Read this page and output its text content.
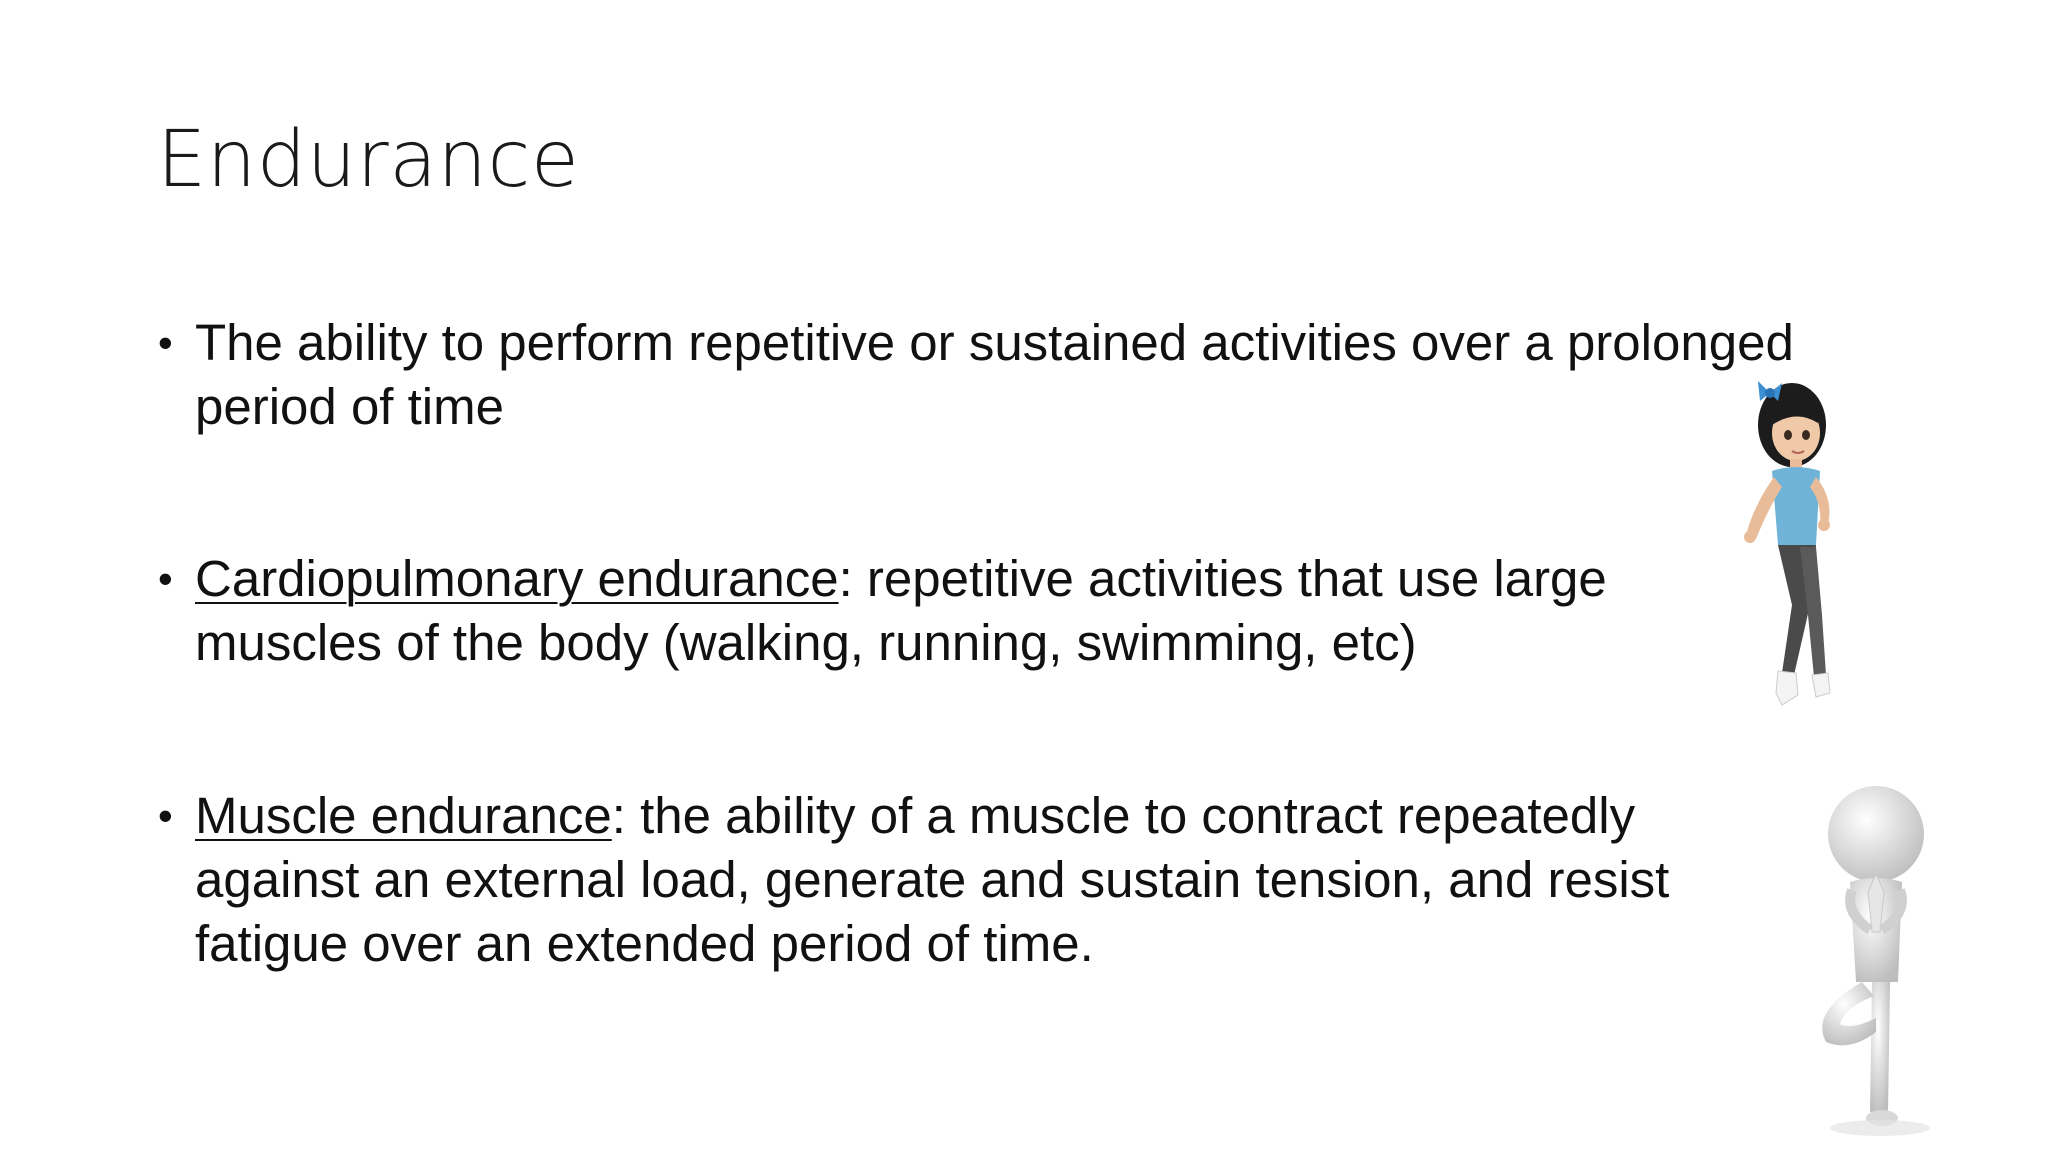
Endurance
• The ability to perform repetitive or sustained activities over a prolonged period of time
• Cardiopulmonary endurance: repetitive activities that use large muscles of the body (walking, running, swimming, etc)
• Muscle endurance: the ability of a muscle to contract repeatedly against an external load, generate and sustain tension, and resist fatigue over an extended period of time.
